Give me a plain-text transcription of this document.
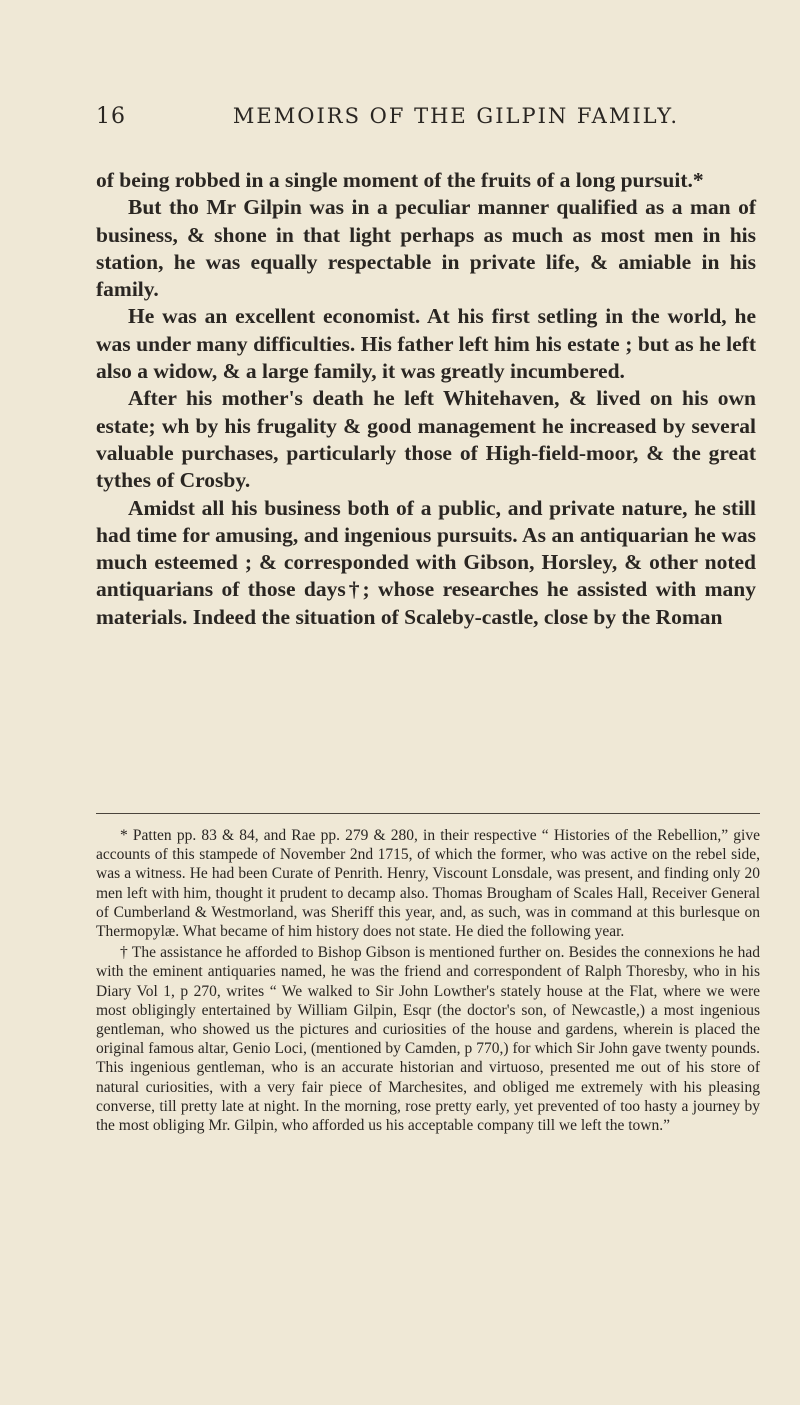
16	MEMOIRS OF THE GILPIN FAMILY.

of being robbed in a single moment of the fruits of a long pursuit.*

But tho Mr Gilpin was in a peculiar manner qualified as a man of business, & shone in that light perhaps as much as most men in his station, he was equally respectable in private life, & amiable in his family.

He was an excellent economist. At his first setling in the world, he was under many difficulties. His father left him his estate ; but as he left also a widow, & a large family, it was greatly incumbered.

After his mother's death he left Whitehaven, & lived on his own estate; wh by his frugality & good management he increased by several valuable purchases, particularly those of High-field-moor, & the great tythes of Crosby.

Amidst all his business both of a public, and private nature, he still had time for amusing, and ingenious pursuits. As an antiquarian he was much esteemed ; & corresponded with Gibson, Horsley, & other noted antiquarians of those days†; whose researches he assisted with many materials. Indeed the situation of Scaleby-castle, close by the Roman

* Patten pp. 83 & 84, and Rae pp. 279 & 280, in their respective “ Histories of the Rebellion,” give accounts of this stampede of November 2nd 1715, of which the former, who was active on the rebel side, was a witness. He had been Curate of Penrith. Henry, Viscount Lonsdale, was present, and finding only 20 men left with him, thought it prudent to decamp also. Thomas Brougham of Scales Hall, Receiver General of Cumberland & Westmorland, was Sheriff this year, and, as such, was in command at this burlesque on Thermopylæ. What became of him history does not state. He died the following year.

† The assistance he afforded to Bishop Gibson is mentioned further on. Besides the connexions he had with the eminent antiquaries named, he was the friend and correspondent of Ralph Thoresby, who in his Diary Vol 1, p 270, writes “ We walked to Sir John Lowther's stately house at the Flat, where we were most obligingly entertained by William Gilpin, Esqr (the doctor's son, of Newcastle,) a most ingenious gentleman, who showed us the pictures and curiosities of the house and gardens, wherein is placed the original famous altar, Genio Loci, (mentioned by Camden, p 770,) for which Sir John gave twenty pounds. This ingenious gentleman, who is an accurate historian and virtuoso, presented me out of his store of natural curiosities, with a very fair piece of Marchesites, and obliged me extremely with his pleasing converse, till pretty late at night. In the morning, rose pretty early, yet prevented of too hasty a journey by the most obliging Mr. Gilpin, who afforded us his acceptable company till we left the town.”
